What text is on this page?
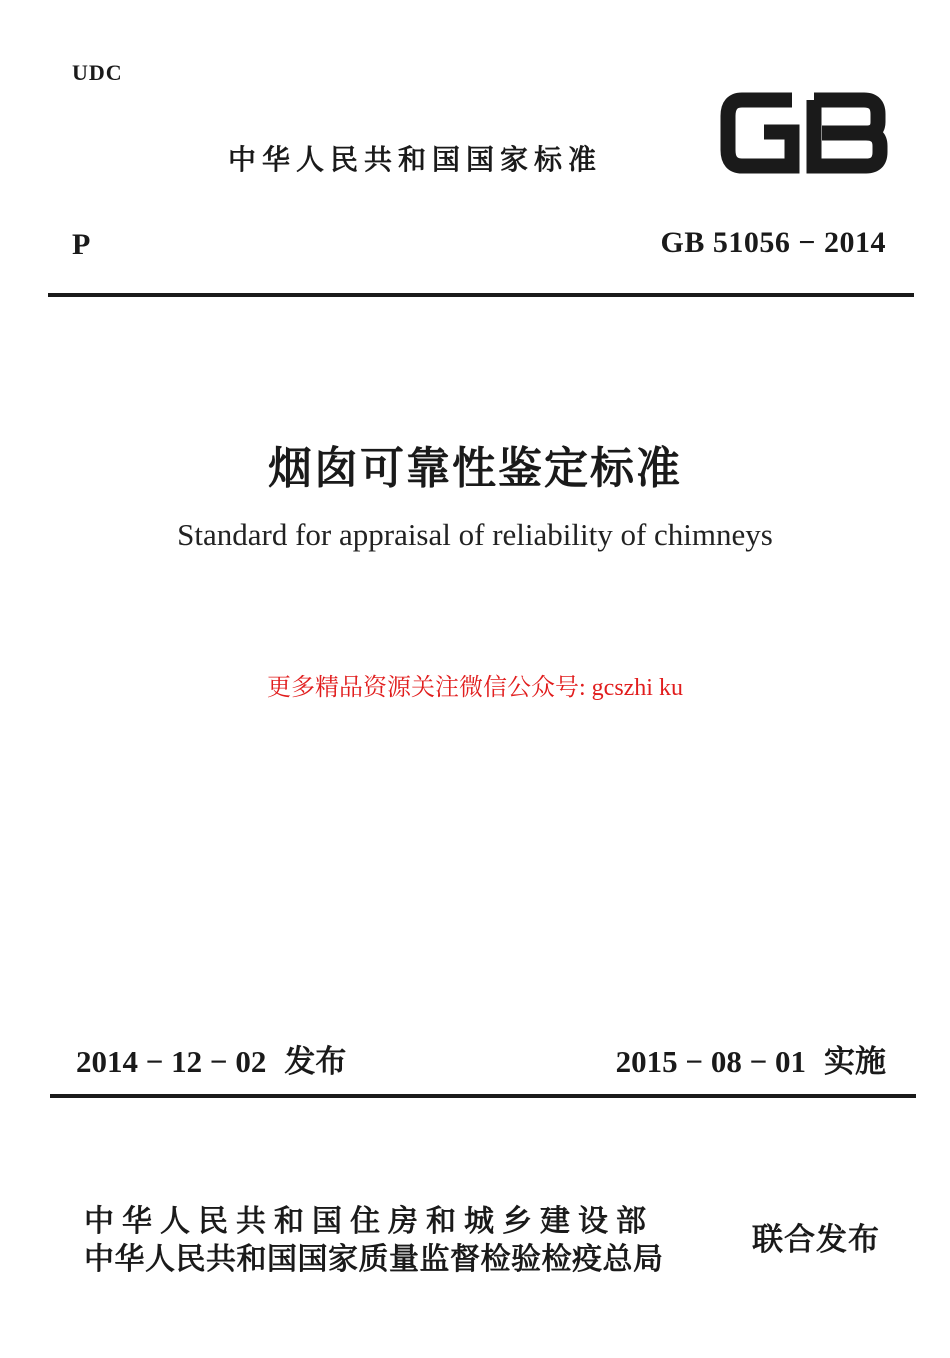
UDC
中华人民共和国国家标准
P	GB 51056 − 2014
烟囱可靠性鉴定标准
Standard for appraisal of reliability of chimneys
更多精品资源关注微信公众号: gcszhi ku
2014 − 12 − 02 发布	2015 − 08 − 01 实施
中华人民共和国住房和城乡建设部
中华人民共和国国家质量监督检验检疫总局
联合发布
